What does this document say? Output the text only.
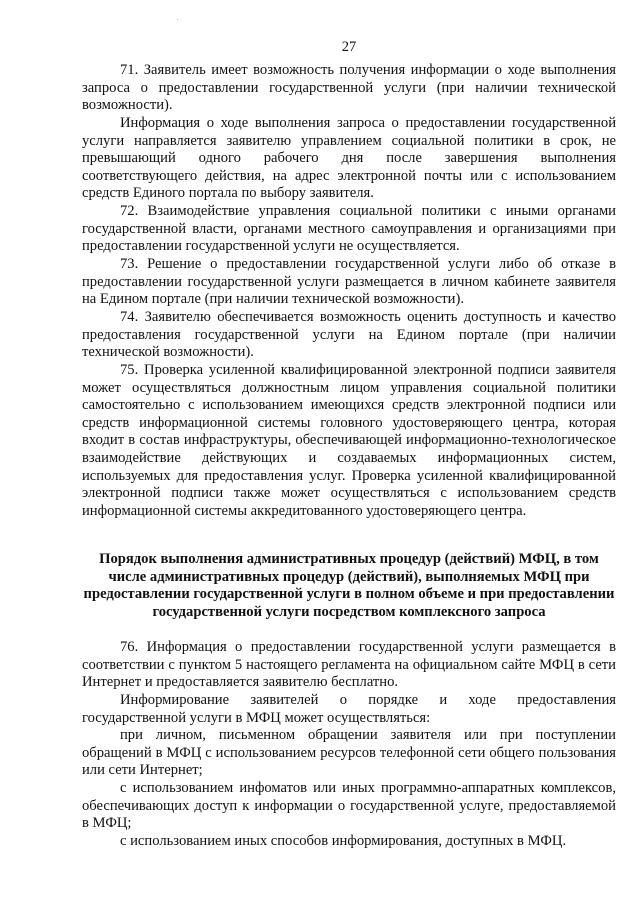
27

71. Заявитель имеет возможность получения информации о ходе выполнения запроса о предоставлении государственной услуги (при наличии технической возможности).

Информация о ходе выполнения запроса о предоставлении государственной услуги направляется заявителю управлением социальной политики в срок, не превышающий одного рабочего дня после завершения выполнения соответствующего действия, на адрес электронной почты или с использованием средств Единого портала по выбору заявителя.

72. Взаимодействие управления социальной политики с иными органами государственной власти, органами местного самоуправления и организациями при предоставлении государственной услуги не осуществляется.

73. Решение о предоставлении государственной услуги либо об отказе в предоставлении государственной услуги размещается в личном кабинете заявителя на Едином портале (при наличии технической возможности).

74. Заявителю обеспечивается возможность оценить доступность и качество предоставления государственной услуги на Едином портале (при наличии технической возможности).

75. Проверка усиленной квалифицированной электронной подписи заявителя может осуществляться должностным лицом управления социальной политики самостоятельно с использованием имеющихся средств электронной подписи или средств информационной системы головного удостоверяющего центра, которая входит в состав инфраструктуры, обеспечивающей информационно-технологическое взаимодействие действующих и создаваемых информационных систем, используемых для предоставления услуг. Проверка усиленной квалифицированной электронной подписи также может осуществляться с использованием средств информационной системы аккредитованного удостоверяющего центра.

Порядок выполнения административных процедур (действий) МФЦ, в том числе административных процедур (действий), выполняемых МФЦ при предоставлении государственной услуги в полном объеме и при предоставлении государственной услуги посредством комплексного запроса

76. Информация о предоставлении государственной услуги размещается в соответствии с пунктом 5 настоящего регламента на официальном сайте МФЦ в сети Интернет и предоставляется заявителю бесплатно.

Информирование заявителей о порядке и ходе предоставления государственной услуги в МФЦ может осуществляться:

при личном, письменном обращении заявителя или при поступлении обращений в МФЦ с использованием ресурсов телефонной сети общего пользования или сети Интернет;

с использованием инфоматов или иных программно-аппаратных комплексов, обеспечивающих доступ к информации о государственной услуге, предоставляемой в МФЦ;

с использованием иных способов информирования, доступных в МФЦ.
